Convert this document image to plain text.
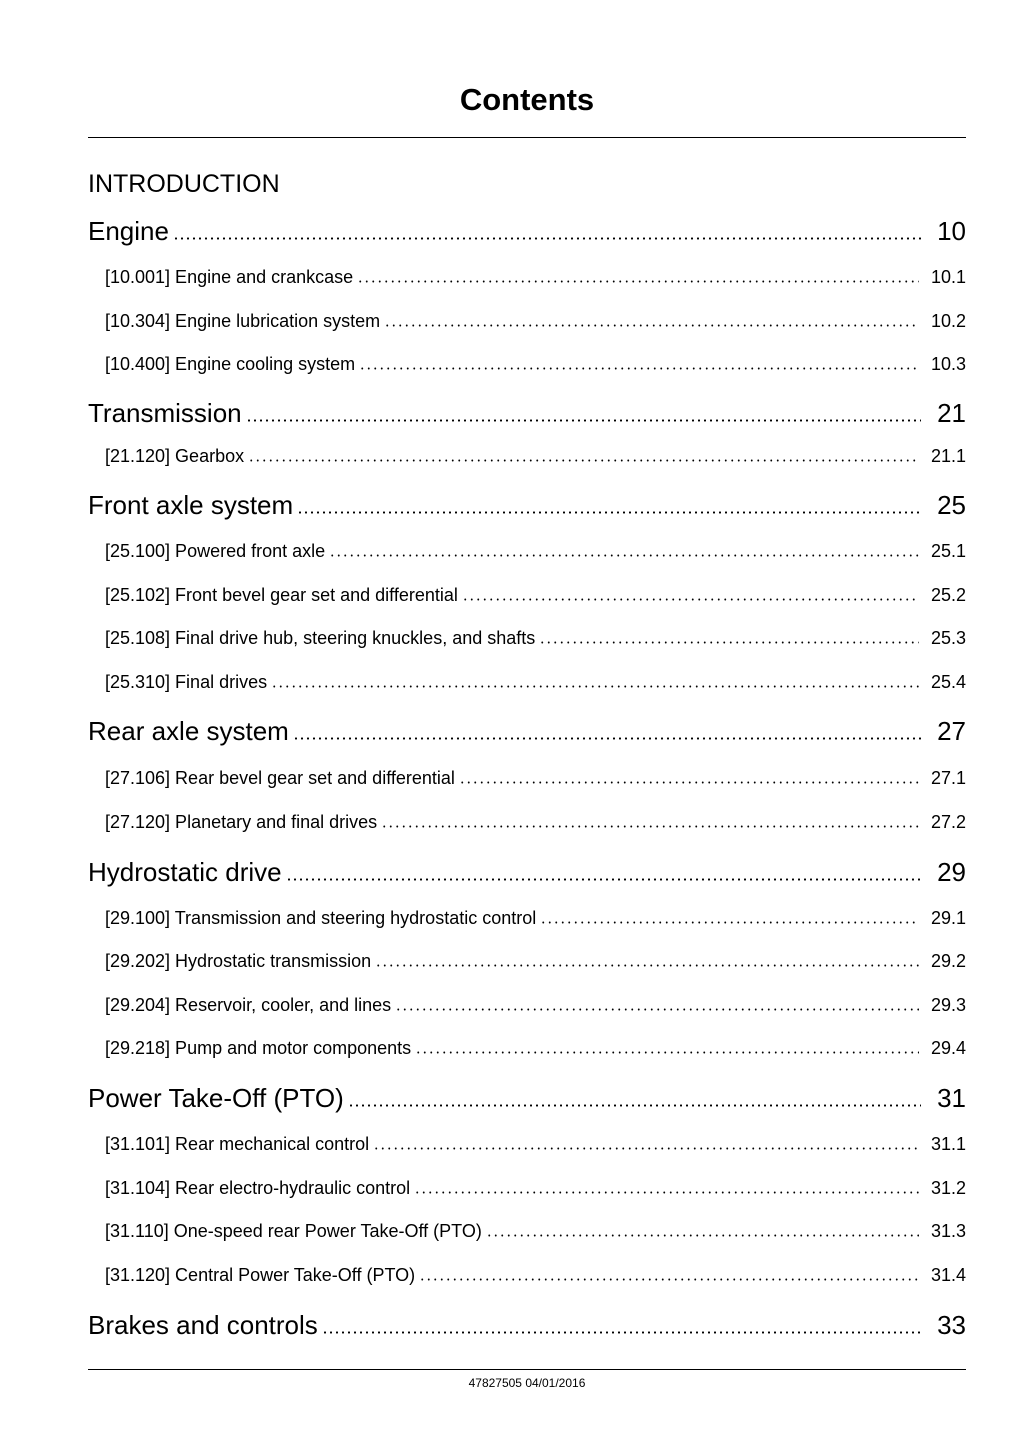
Contents
INTRODUCTION
Engine	10
[10.001] Engine and crankcase	10.1
[10.304] Engine lubrication system	10.2
[10.400] Engine cooling system	10.3
Transmission	21
[21.120] Gearbox	21.1
Front axle system	25
[25.100] Powered front axle	25.1
[25.102] Front bevel gear set and differential	25.2
[25.108] Final drive hub, steering knuckles, and shafts	25.3
[25.310] Final drives	25.4
Rear axle system	27
[27.106] Rear bevel gear set and differential	27.1
[27.120] Planetary and final drives	27.2
Hydrostatic drive	29
[29.100] Transmission and steering hydrostatic control	29.1
[29.202] Hydrostatic transmission	29.2
[29.204] Reservoir, cooler, and lines	29.3
[29.218] Pump and motor components	29.4
Power Take-Off (PTO)	31
[31.101] Rear mechanical control	31.1
[31.104] Rear electro-hydraulic control	31.2
[31.110] One-speed rear Power Take-Off (PTO)	31.3
[31.120] Central Power Take-Off (PTO)	31.4
Brakes and controls	33
47827505 04/01/2016
